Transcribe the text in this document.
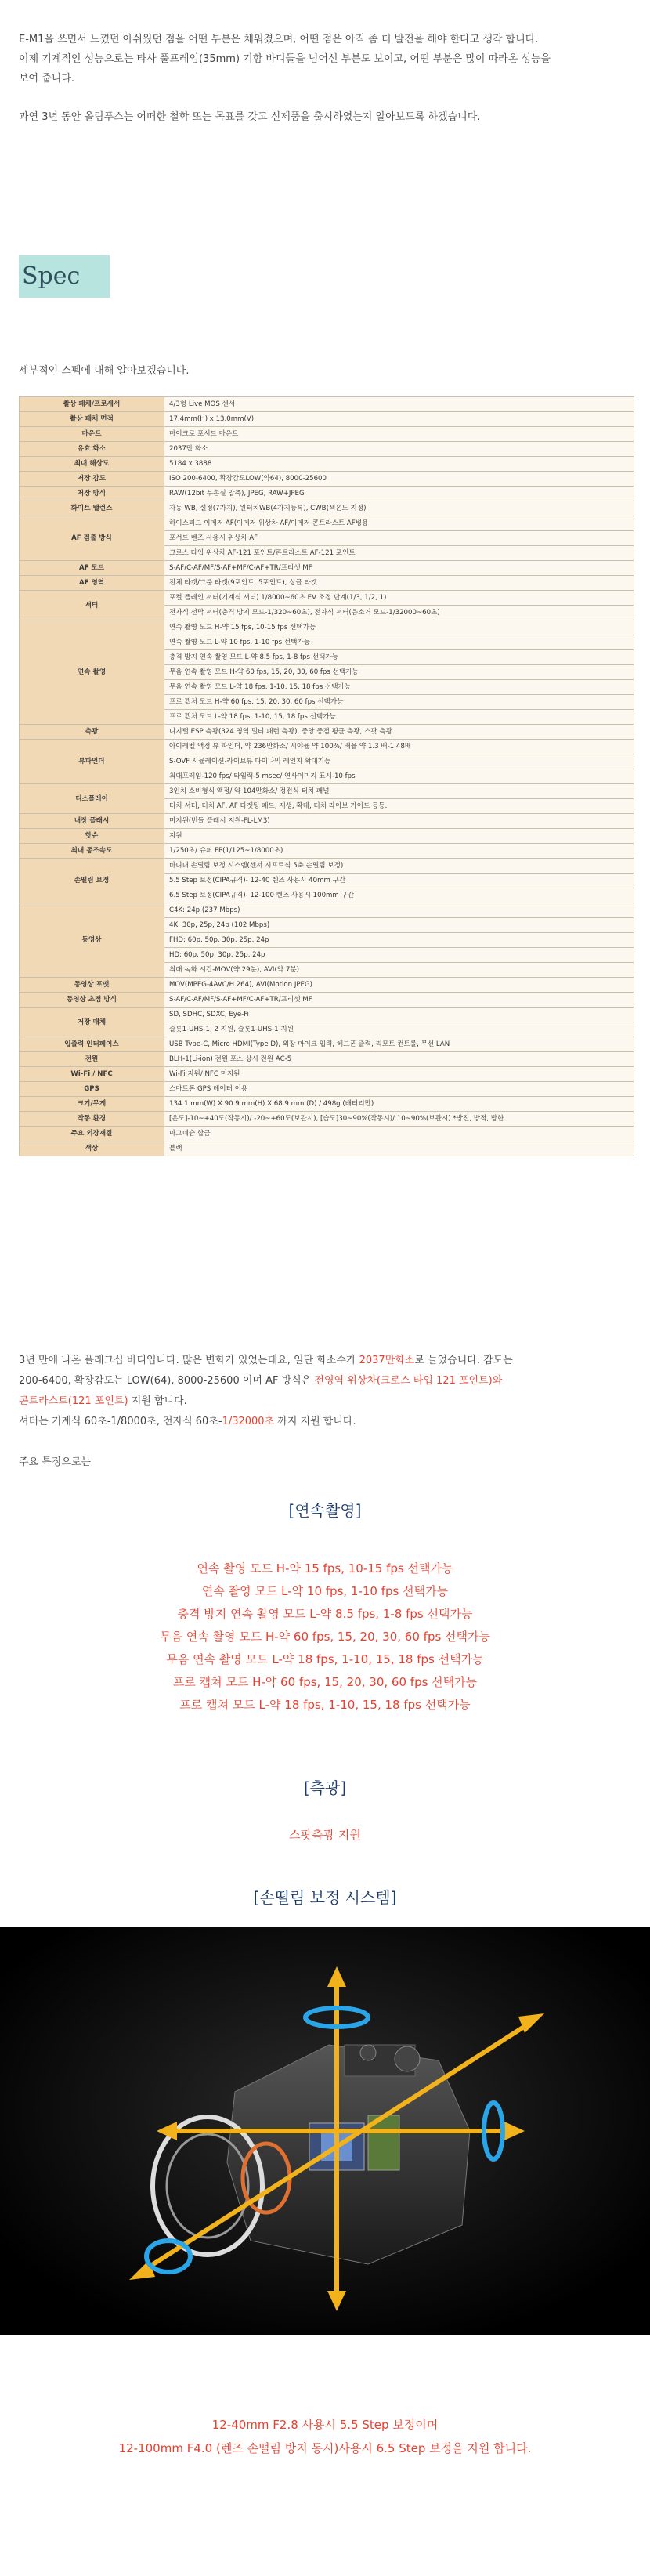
E-M1을 쓰면서 느꼈던 아쉬웠던 점을 어떤 부분은 채워졌으며, 어떤 점은 아직 좀 더 발전을 해야 한다고 생각 합니다.

이제 기계적인 성능으로는 타사 풀프레임(35mm) 기함 바디들을 넘어선 부분도 보이고, 어떤 부분은 많이 따라온 성능을

보여 줍니다.

과연 3년 동안 올림푸스는 어떠한 철학 또는 목표를 갖고 신제품을 출시하였는지 알아보도록 하겠습니다.

Spec
세부적인 스펙에 대해 알아보겠습니다.
촬상 패체/프로세서	4/3형 Live MOS 센서
촬상 패체 면적	17.4mm(H) x 13.0mm(V)
마운트	마이크로 포서드 마운트
유효 화소	2037만 화소
최대 해상도	5184 x 3888
저장 감도	ISO 200-6400, 확장감도LOW(약64), 8000-25600
저장 방식	RAW(12bit 무손실 압축), JPEG, RAW+JPEG
화이트 밸런스	자동 WB, 설정(7가지), 원터치WB(4가지등록), CWB(색온도 지정)
AF 검출 방식	하이스피드 이메저 AF(이메저 위상차 AF/이메저 콘트라스트 AF병용
	포서드 렌즈 사용시 위상차 AF
	크로스 타입 위상차 AF-121 포인트/콘트라스트 AF-121 포인트
AF 모드	S-AF/C-AF/MF/S-AF+MF/C-AF+TR/프리셋 MF
AF 영역	전체 타겟/그룹 타겟(9포인트, 5포인트), 싱글 타겟
셔터	포컬 플레인 셔터(기계식 셔터) 1/8000~60초 EV 조정 단계(1/3, 1/2, 1)
	전자식 선막 셔터(충격 방지 모드-1/320~60초), 전자식 셔터(음소거 모드-1/32000~60초)
연속 촬영	연속 촬영 모드 H-약 15 fps, 10-15 fps 선택가능
	연속 촬영 모드 L-약 10 fps, 1-10 fps 선택가능
	충격 방지 연속 촬영 모드 L-약 8.5 fps, 1-8 fps 선택가능
	무음 연속 촬영 모드 H-약 60 fps, 15, 20, 30, 60 fps 선택가능
	무음 연속 촬영 모드 L-약 18 fps, 1-10, 15, 18 fps 선택가능
	프로 캡처 모드 H-약 60 fps, 15, 20, 30, 60 fps 선택가능
	프로 캡처 모드 L-약 18 fps, 1-10, 15, 18 fps 선택가능
측광	디지털 ESP 측광(324 영역 멀티 패턴 측광), 중앙 중점 평균 측광, 스팟 측광
뷰파인더	아이레벨 액정 뷰 파인더, 약 236만화소/ 시야율 약 100%/ 배율 약 1.3 배-1.48배
	S-OVF 시뮬레이션-라이브뷰 다이나믹 레인지 확대기능
	최대프레임-120 fps/ 타임랙-5 msec/ 연사이미지 표시-10 fps
디스플레이	3인치 소비형식 액정/ 약 104만화소/ 정전식 터치 패널
	터치 셔터, 터치 AF, AF 타겟팅 패드, 재생, 확대, 터치 라이브 가이드 등등.
내장 플래시	미지원(번들 플래시 지원-FL-LM3)
핫슈	지원
최대 동조속도	1/250초/ 슈퍼 FP(1/125~1/8000초)
손떨림 보정	바디내 손떨림 보정 시스템(센서 시프트식 5축 손떨림 보정)
	5.5 Step 보정(CIPA규격)- 12-40 렌즈 사용시 40mm 구간
	6.5 Step 보정(CIPA규격)- 12-100 렌즈 사용시 100mm 구간
동영상	C4K: 24p (237 Mbps)
	4K: 30p, 25p, 24p (102 Mbps)
	FHD: 60p, 50p, 30p, 25p, 24p
	HD: 60p, 50p, 30p, 25p, 24p
	최대 녹화 시간-MOV(약 29분), AVI(약 7분)
동영상 포맷	MOV(MPEG-4AVC/H.264), AVI(Motion JPEG)
동영상 초점 방식	S-AF/C-AF/MF/S-AF+MF/C-AF+TR/프리셋 MF
저장 매체	SD, SDHC, SDXC, Eye-Fi
	슬롯1-UHS-1, 2 지원, 슬롯1-UHS-1 지원
입출력 인터페이스	USB Type-C, Micro HDMI(Type D), 외장 마이크 입력, 헤드폰 출력, 리모트 컨트롤, 무선 LAN
전원	BLH-1(Li-ion) 전원 포스 상시 전원 AC-5
Wi-Fi / NFC	Wi-Fi 지원/ NFC 미지원
GPS	스마트폰 GPS 데이터 이용
크기/무게	134.1 mm(W) X 90.9 mm(H) X 68.9 mm (D) / 498g (배터리만)
작동 환경	[온도]-10~+40도(작동시)/ -20~+60도(보관시), [습도]30~90%(작동시)/ 10~90%(보관시) *방진, 방적, 방한
주요 외장재질	마그네슘 합금
색상	블랙

3년 만에 나온 플래그십 바디입니다. 많은 변화가 있었는데요, 일단 화소수가 2037만화소로 늘었습니다. 감도는

200-6400, 확장감도는 LOW(64), 8000-25600 이며 AF 방식은 전영역 위상차(크로스 타입 121 포인트)와

콘트라스트(121 포인트) 지원 합니다.

셔터는 기계식 60초-1/8000초, 전자식 60초-1/32000초 까지 지원 합니다.

주요 특징으로는

[연속촬영]
연속 촬영 모드 H-약 15 fps, 10-15 fps 선택가능
연속 촬영 모드 L-약 10 fps, 1-10 fps 선택가능
충격 방지 연속 촬영 모드 L-약 8.5 fps, 1-8 fps 선택가능
무음 연속 촬영 모드 H-약 60 fps, 15, 20, 30, 60 fps 선택가능
무음 연속 촬영 모드 L-약 18 fps, 1-10, 15, 18 fps 선택가능
프로 캡쳐 모드 H-약 60 fps, 15, 20, 30, 60 fps 선택가능
프로 캡쳐 모드 L-약 18 fps, 1-10, 15, 18 fps 선택가능
[측광]
스팟측광 지원
[손떨림 보정 시스템]
12-40mm F2.8 사용시 5.5 Step 보정이며
12-100mm F4.0 (렌즈 손떨림 방지 동시)사용시 6.5 Step 보정을 지원 합니다.
